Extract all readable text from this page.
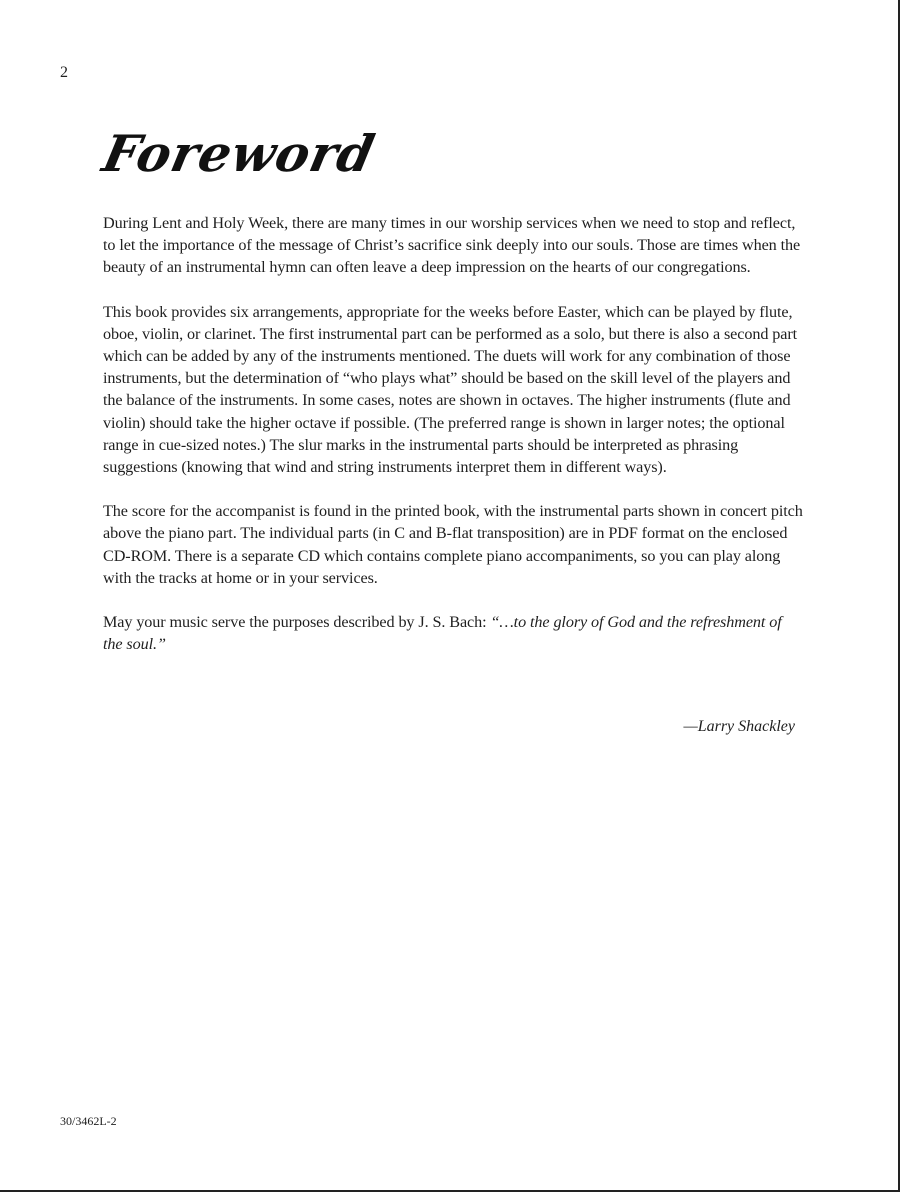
2
Foreword

During Lent and Holy Week, there are many times in our worship services when we need to stop and reflect, to let the importance of the message of Christ’s sacrifice sink deeply into our souls. Those are times when the beauty of an instrumental hymn can often leave a deep impression on the hearts of our congregations.

This book provides six arrangements, appropriate for the weeks before Easter, which can be played by flute, oboe, violin, or clarinet. The first instrumental part can be performed as a solo, but there is also a second part which can be added by any of the instruments mentioned. The duets will work for any combination of those instruments, but the determination of “who plays what” should be based on the skill level of the players and the balance of the instruments. In some cases, notes are shown in octaves. The higher instruments (flute and violin) should take the higher octave if possible. (The preferred range is shown in larger notes; the optional range in cue-sized notes.) The slur marks in the instrumental parts should be interpreted as phrasing suggestions (knowing that wind and string instruments interpret them in different ways).

The score for the accompanist is found in the printed book, with the instrumental parts shown in concert pitch above the piano part. The individual parts (in C and B-flat transposition) are in PDF format on the enclosed CD-ROM. There is a separate CD which contains complete piano accompaniments, so you can play along with the tracks at home or in your services.

May your music serve the purposes described by J. S. Bach: “…to the glory of God and the refreshment of the soul.”

—Larry Shackley
30/3462L-2
